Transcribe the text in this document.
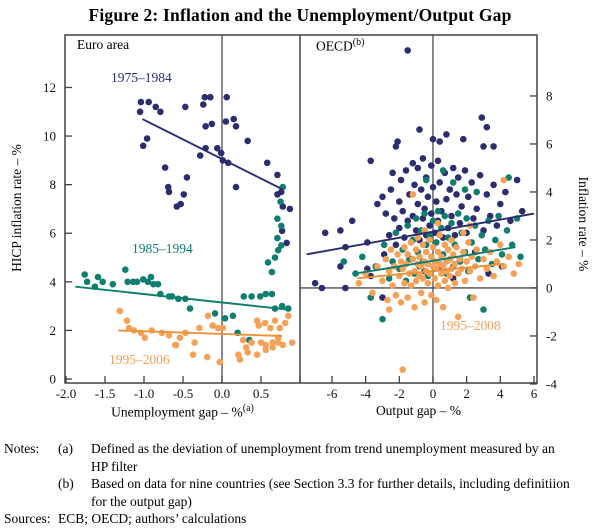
-2.0 -1.5 -1.0 -0.5 0.0 0.5
0
2
4
6
8
10
12
-6 -4 -2 0 2 4 6
8
6
4
2
0
-2
-4
Euro area	OECD$^{(b)}$
1975–1984
1985–1994
1995–2006
1995–2008
HICP inflation rate – %	Inflation rate – %
Unemployment gap – %$^{(a)}$	Output gap – %
Figure 2: Inflation and the Unemployment/Output Gap
Notes:	(a)	Defined as the deviation of unemployment from trend unemployment measured by an
HP filter
(b)	Based on data for nine countries (see Section 3.3 for further details, including definitiion
for the output gap)
Sources: ECB; OECD; authors’ calculations
